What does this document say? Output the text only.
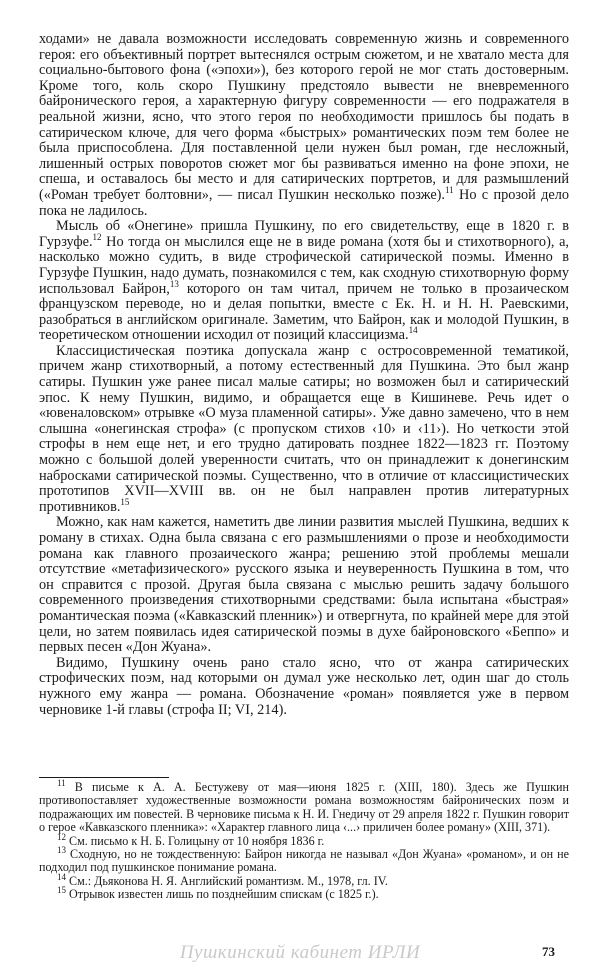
ходами» не давала возможности исследовать современную жизнь и современного героя: его объективный портрет вытеснялся острым сюжетом, и не хватало места для социально-бытового фона («эпохи»), без которого герой не мог стать достоверным. Кроме того, коль скоро Пушкину предстояло вывести не вневременного байронического героя, а характерную фигуру современности — его подражателя в реальной жизни, ясно, что этого героя по необходимости пришлось бы подать в сатирическом ключе, для чего форма «быстрых» романтических поэм тем более не была приспособлена. Для поставленной цели нужен был роман, где несложный, лишенный острых поворотов сюжет мог бы развиваться именно на фоне эпохи, не спеша, и оставалось бы место и для сатирических портретов, и для размышлений («Роман требует болтовни», — писал Пушкин несколько позже).$^{11}$ Но с прозой дело пока не ладилось.

Мысль об «Онегине» пришла Пушкину, по его свидетельству, еще в 1820 г. в Гурзуфе.$^{12}$ Но тогда он мыслился еще не в виде романа (хотя бы и стихотворного), а, насколько можно судить, в виде строфической сатирической поэмы. Именно в Гурзуфе Пушкин, надо думать, познакомился с тем, как сходную стихотворную форму использовал Байрон,$^{13}$ которого он там читал, причем не только в прозаическом французском переводе, но и делая попытки, вместе с Ек. Н. и Н. Н. Раевскими, разобраться в английском оригинале. Заметим, что Байрон, как и молодой Пушкин, в теоретическом отношении исходил от позиций классицизма.$^{14}$

Классицистическая поэтика допускала жанр с остросовременной тематикой, причем жанр стихотворный, а потому естественный для Пушкина. Это был жанр сатиры. Пушкин уже ранее писал малые сатиры; но возможен был и сатирический эпос. К нему Пушкин, видимо, и обращается еще в Кишиневе. Речь идет о «ювеналовском» отрывке «О муза пламенной сатиры». Уже давно замечено, что в нем слышна «онегинская строфа» (с пропуском стихов ‹10› и ‹11›). Но четкости этой строфы в нем еще нет, и его трудно датировать позднее 1822—1823 гг. Поэтому можно с большой долей уверенности считать, что он принадлежит к донегинским набросками сатирической поэмы. Существенно, что в отличие от классицистических прототипов XVII—XVIII вв. он не был направлен против литературных противников.$^{15}$

Можно, как нам кажется, наметить две линии развития мыслей Пушкина, ведших к роману в стихах. Одна была связана с его размышлениями о прозе и необходимости романа как главного прозаического жанра; решению этой проблемы мешали отсутствие «метафизического» русского языка и неуверенность Пушкина в том, что он справится с прозой. Другая была связана с мыслью решить задачу большого современного произведения стихотворными средствами: была испытана «быстрая» романтическая поэма («Кавказский пленник») и отвергнута, по крайней мере для этой цели, но затем появилась идея сатирической поэмы в духе байроновского «Беппо» и первых песен «Дон Жуана».

Видимо, Пушкину очень рано стало ясно, что от жанра сатирических строфических поэм, над которыми он думал уже несколько лет, один шаг до столь нужного ему жанра — романа. Обозначение «роман» появляется уже в первом черновике 1-й главы (строфа II; VI, 214).

$^{11}$ В письме к А. А. Бестужеву от мая—июня 1825 г. (XIII, 180). Здесь же Пушкин противопоставляет художественные возможности романа возможностям байронических поэм и подражающих им повестей. В черновике письма к Н. И. Гнедичу от 29 апреля 1822 г. Пушкин говорит о герое «Кавказского пленника»: «Характер главного лица ‹...› приличен более роману» (XIII, 371).

$^{12}$ См. письмо к Н. Б. Голицыну от 10 ноября 1836 г.

$^{13}$ Сходную, но не тождественную: Байрон никогда не называл «Дон Жуана» «романом», и он не подходил под пушкинское понимание романа.

$^{14}$ См.: Дьяконова Н. Я. Английский романтизм. М., 1978, гл. IV.

$^{15}$ Отрывок известен лишь по позднейшим спискам (с 1825 г.).

Пушкинский кабинет ИРЛИ	73
